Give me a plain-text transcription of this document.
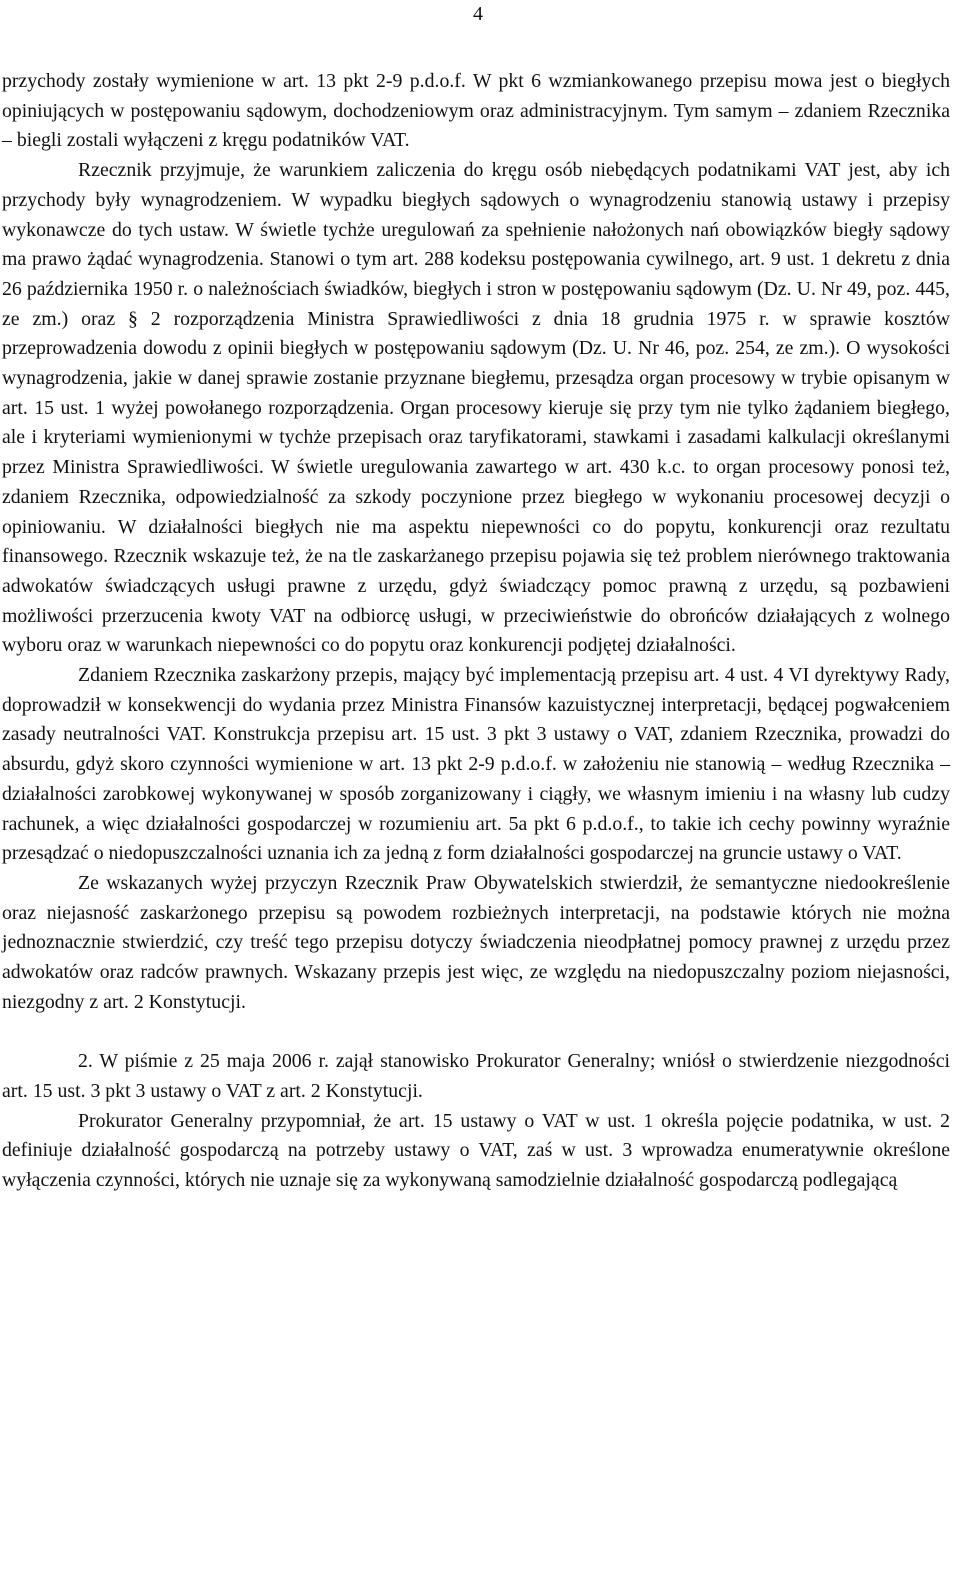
4

przychody zostały wymienione w art. 13 pkt 2-9 p.d.o.f. W pkt 6 wzmiankowanego przepisu mowa jest o biegłych opiniujących w postępowaniu sądowym, dochodzeniowym oraz administracyjnym. Tym samym – zdaniem Rzecznika – biegli zostali wyłączeni z kręgu podatników VAT.

Rzecznik przyjmuje, że warunkiem zaliczenia do kręgu osób niebędących podatnikami VAT jest, aby ich przychody były wynagrodzeniem. W wypadku biegłych sądowych o wynagrodzeniu stanowią ustawy i przepisy wykonawcze do tych ustaw. W świetle tychże uregulowań za spełnienie nałożonych nań obowiązków biegły sądowy ma prawo żądać wynagrodzenia. Stanowi o tym art. 288 kodeksu postępowania cywilnego, art. 9 ust. 1 dekretu z dnia 26 października 1950 r. o należnościach świadków, biegłych i stron w postępowaniu sądowym (Dz. U. Nr 49, poz. 445, ze zm.) oraz § 2 rozporządzenia Ministra Sprawiedliwości z dnia 18 grudnia 1975 r. w sprawie kosztów przeprowadzenia dowodu z opinii biegłych w postępowaniu sądowym (Dz. U. Nr 46, poz. 254, ze zm.). O wysokości wynagrodzenia, jakie w danej sprawie zostanie przyznane biegłemu, przesądza organ procesowy w trybie opisanym w art. 15 ust. 1 wyżej powołanego rozporządzenia. Organ procesowy kieruje się przy tym nie tylko żądaniem biegłego, ale i kryteriami wymienionymi w tychże przepisach oraz taryfikatorami, stawkami i zasadami kalkulacji określanymi przez Ministra Sprawiedliwości. W świetle uregulowania zawartego w art. 430 k.c. to organ procesowy ponosi też, zdaniem Rzecznika, odpowiedzialność za szkody poczynione przez biegłego w wykonaniu procesowej decyzji o opiniowaniu. W działalności biegłych nie ma aspektu niepewności co do popytu, konkurencji oraz rezultatu finansowego. Rzecznik wskazuje też, że na tle zaskarżanego przepisu pojawia się też problem nierównego traktowania adwokatów świadczących usługi prawne z urzędu, gdyż świadczący pomoc prawną z urzędu, są pozbawieni możliwości przerzucenia kwoty VAT na odbiorcę usługi, w przeciwieństwie do obrońców działających z wolnego wyboru oraz w warunkach niepewności co do popytu oraz konkurencji podjętej działalności.

Zdaniem Rzecznika zaskarżony przepis, mający być implementacją przepisu art. 4 ust. 4 VI dyrektywy Rady, doprowadził w konsekwencji do wydania przez Ministra Finansów kazuistycznej interpretacji, będącej pogwałceniem zasady neutralności VAT. Konstrukcja przepisu art. 15 ust. 3 pkt 3 ustawy o VAT, zdaniem Rzecznika, prowadzi do absurdu, gdyż skoro czynności wymienione w art. 13 pkt 2-9 p.d.o.f. w założeniu nie stanowią – według Rzecznika – działalności zarobkowej wykonywanej w sposób zorganizowany i ciągły, we własnym imieniu i na własny lub cudzy rachunek, a więc działalności gospodarczej w rozumieniu art. 5a pkt 6 p.d.o.f., to takie ich cechy powinny wyraźnie przesądzać o niedopuszczalności uznania ich za jedną z form działalności gospodarczej na gruncie ustawy o VAT.

Ze wskazanych wyżej przyczyn Rzecznik Praw Obywatelskich stwierdził, że semantyczne niedookreślenie oraz niejasność zaskarżonego przepisu są powodem rozbieżnych interpretacji, na podstawie których nie można jednoznacznie stwierdzić, czy treść tego przepisu dotyczy świadczenia nieodpłatnej pomocy prawnej z urzędu przez adwokatów oraz radców prawnych. Wskazany przepis jest więc, ze względu na niedopuszczalny poziom niejasności, niezgodny z art. 2 Konstytucji.

2. W piśmie z 25 maja 2006 r. zajął stanowisko Prokurator Generalny; wniósł o stwierdzenie niezgodności art. 15 ust. 3 pkt 3 ustawy o VAT z art. 2 Konstytucji.

Prokurator Generalny przypomniał, że art. 15 ustawy o VAT w ust. 1 określa pojęcie podatnika, w ust. 2 definiuje działalność gospodarczą na potrzeby ustawy o VAT, zaś w ust. 3 wprowadza enumeratywnie określone wyłączenia czynności, których nie uznaje się za wykonywaną samodzielnie działalność gospodarczą podlegającą
